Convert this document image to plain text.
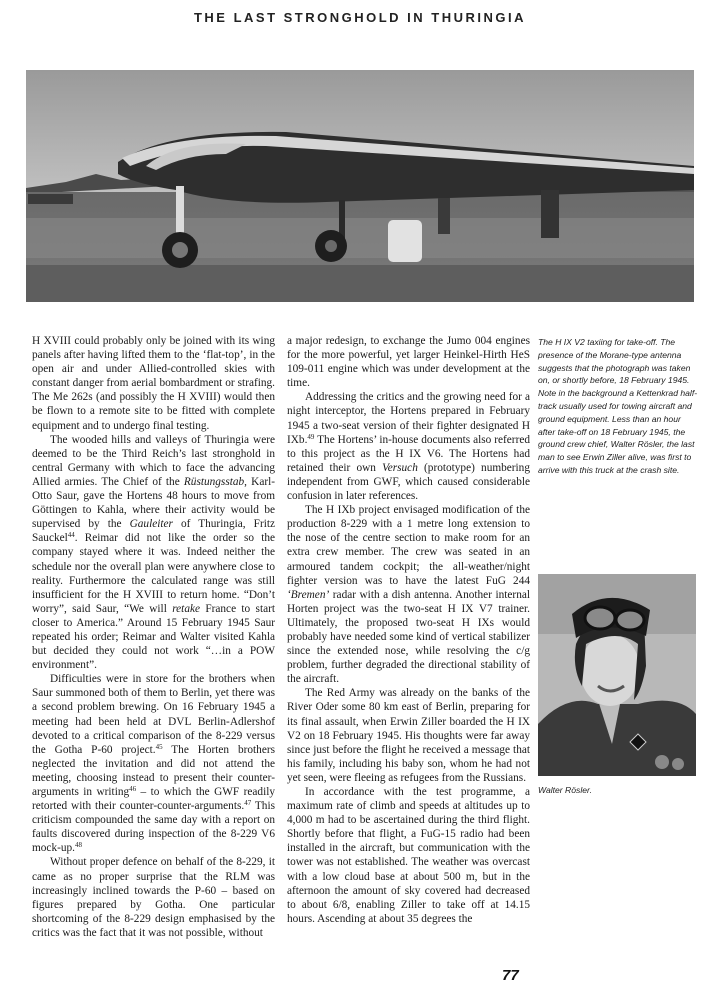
THE LAST STRONGHOLD IN THURINGIA

H XVIII could probably only be joined with its wing panels after having lifted them to the ‘flat-top’, in the open air and under Allied-controlled skies with constant danger from aerial bombardment or strafing. The Me 262s (and possibly the H XVIII) would then be flown to a remote site to be fitted with complete equipment and to undergo final testing.

The wooded hills and valleys of Thuringia were deemed to be the Third Reich’s last stronghold in central Germany with which to face the advancing Allied armies. The Chief of the Rüstungsstab, Karl-Otto Saur, gave the Hortens 48 hours to move from Göttingen to Kahla, where their activity would be supervised by the Gauleiter of Thuringia, Fritz Sauckel$^{44}$. Reimar did not like the order so the company stayed where it was. Indeed neither the schedule nor the overall plan were anywhere close to reality. Furthermore the calculated range was still insufficient for the H XVIII to return home. “Don’t worry”, said Saur, “We will retake France to start closer to America.” Around 15 February 1945 Saur repeated his order; Reimar and Walter visited Kahla but decided they could not work “…in a POW environment”.

Difficulties were in store for the brothers when Saur summoned both of them to Berlin, yet there was a second problem brewing. On 16 February 1945 a meeting had been held at DVL Berlin-Adlershof devoted to a critical comparison of the 8-229 versus the Gotha P-60 project.$^{45}$ The Horten brothers neglected the invitation and did not attend the meeting, choosing instead to present their counter-arguments in writing$^{46}$ – to which the GWF readily retorted with their counter-counter-arguments.$^{47}$ This criticism compounded the same day with a report on faults discovered during inspection of the 8-229 V6 mock-up.$^{48}$

Without proper defence on behalf of the 8-229, it came as no proper surprise that the RLM was increasingly inclined towards the P-60 – based on figures prepared by Gotha. One particular shortcoming of the 8-229 design emphasised by the critics was the fact that it was not possible, without

a major redesign, to exchange the Jumo 004 engines for the more powerful, yet larger Heinkel-Hirth HeS 109-011 engine which was under development at the time.

Addressing the critics and the growing need for a night interceptor, the Hortens prepared in February 1945 a two-seat version of their fighter designated H IXb.$^{49}$ The Hortens’ in-house documents also referred to this project as the H IX V6. The Hortens had retained their own Versuch (prototype) numbering independent from GWF, which caused considerable confusion in later references.

The H IXb project envisaged modification of the production 8-229 with a 1 metre long extension to the nose of the centre section to make room for an extra crew member. The crew was seated in an armoured tandem cockpit; the all-weather/night fighter version was to have the latest FuG 244 ‘Bremen’ radar with a dish antenna. Another internal Horten project was the two-seat H IX V7 trainer. Ultimately, the proposed two-seat H IXs would probably have needed some kind of vertical stabilizer since the extended nose, while resolving the c/g problem, further degraded the directional stability of the aircraft.

The Red Army was already on the banks of the River Oder some 80 km east of Berlin, preparing for its final assault, when Erwin Ziller boarded the H IX V2 on 18 February 1945. His thoughts were far away since just before the flight he received a message that his family, including his baby son, whom he had not yet seen, were fleeing as refugees from the Russians.

In accordance with the test programme, a maximum rate of climb and speeds at altitudes up to 4,000 m had to be ascertained during the third flight. Shortly before that flight, a FuG-15 radio had been installed in the aircraft, but communication with the tower was not established. The weather was overcast with a low cloud base at about 500 m, but in the afternoon the amount of sky covered had decreased to about 6/8, enabling Ziller to take off at 14.15 hours. Ascending at about 35 degrees the

The H IX V2 taxiing for take-off. The presence of the Morane-type antenna suggests that the photograph was taken on, or shortly before, 18 February 1945. Note in the background a Kettenkrad half-track usually used for towing aircraft and ground equipment. Less than an hour after take-off on 18 February 1945, the ground crew chief, Walter Rösler, the last man to see Erwin Ziller alive, was first to arrive with this truck at the crash site.
Walter Rösler.
77
